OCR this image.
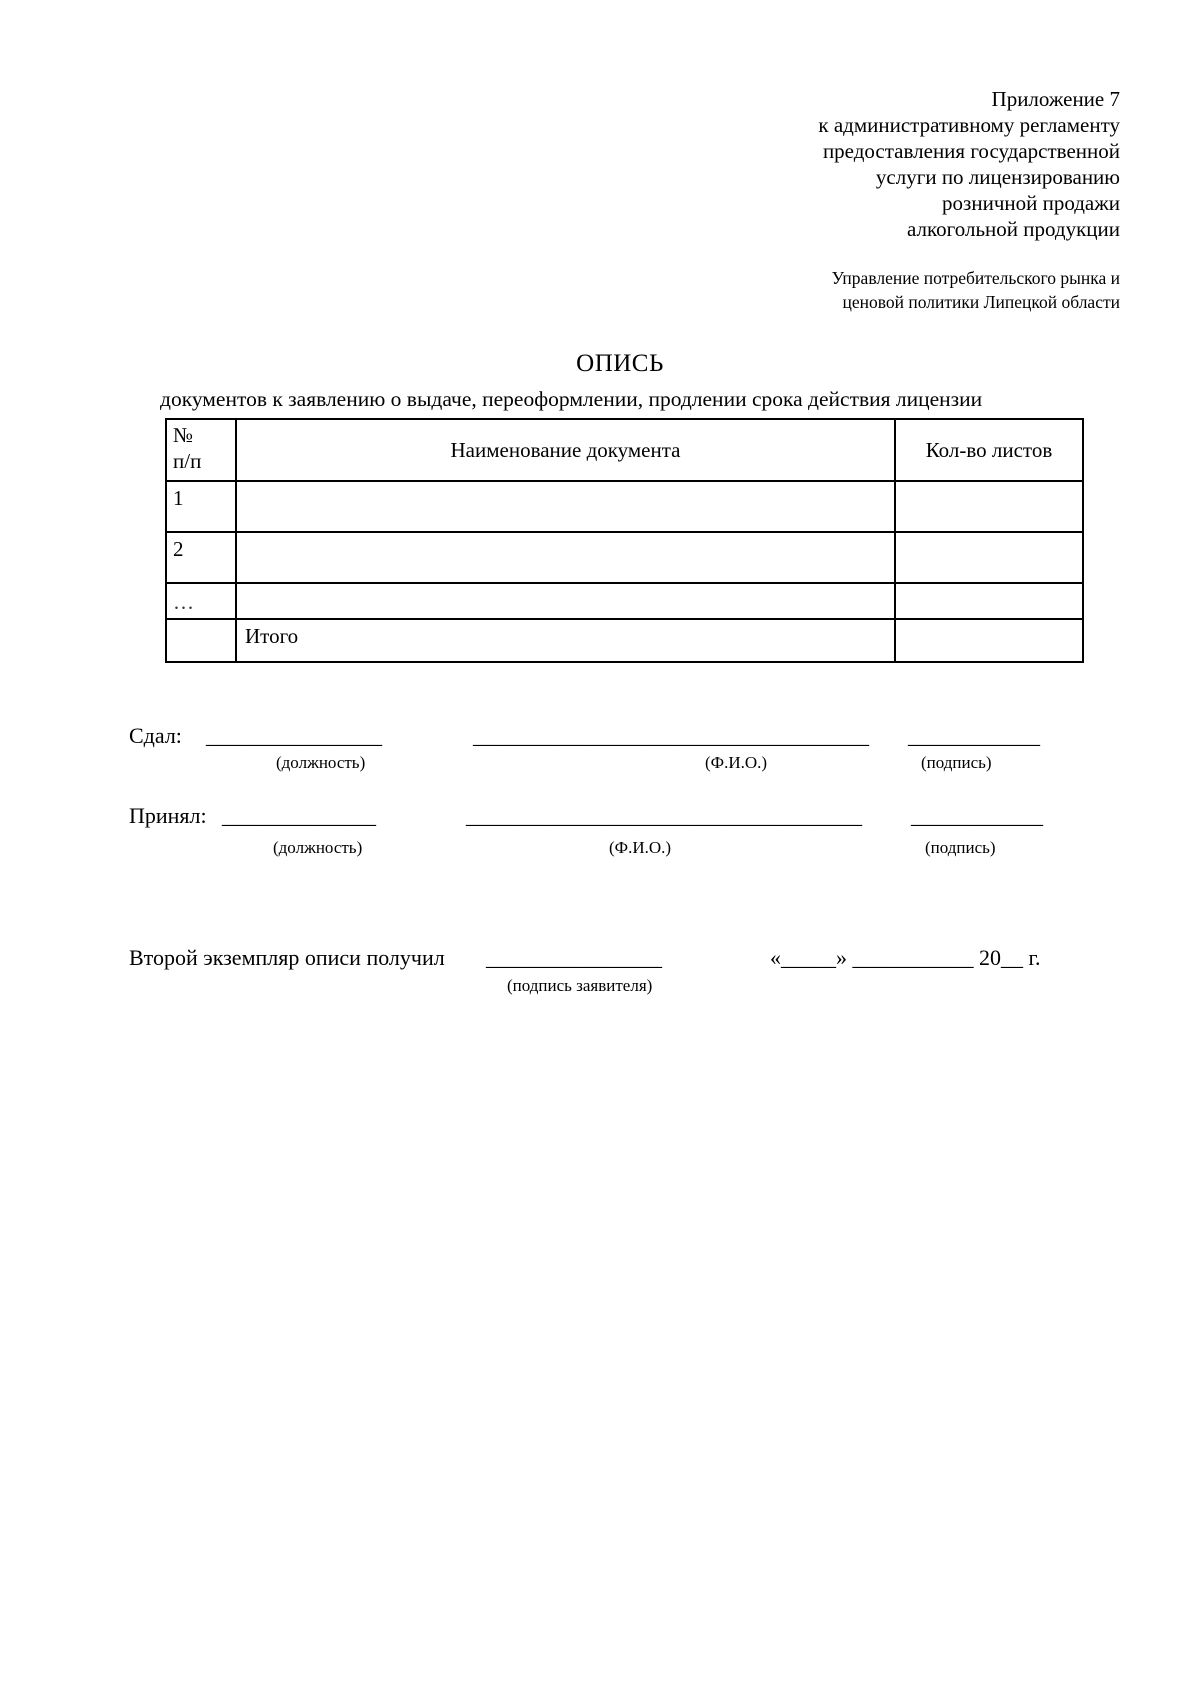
Приложение 7
к административному регламенту
предоставления государственной
услуги по лицензированию
розничной продажи
алкогольной продукции
Управление потребительского рынка и
ценовой политики Липецкой области
ОПИСЬ
документов к заявлению о выдаче, переоформлении, продлении срока действия лицензии
№
п/п	Наименование документа	Кол-во листов
1		
2		
…		
	Итого	
Сдал: ________________	____________________________________ ____________
(должность)	(Ф.И.О.)	(подпись)
Принял: ______________	____________________________________ ____________
(должность)	(Ф.И.О.)	(подпись)
Второй экземпляр описи получил ________________	«_____» ___________ 20__ г.
(подпись заявителя)
